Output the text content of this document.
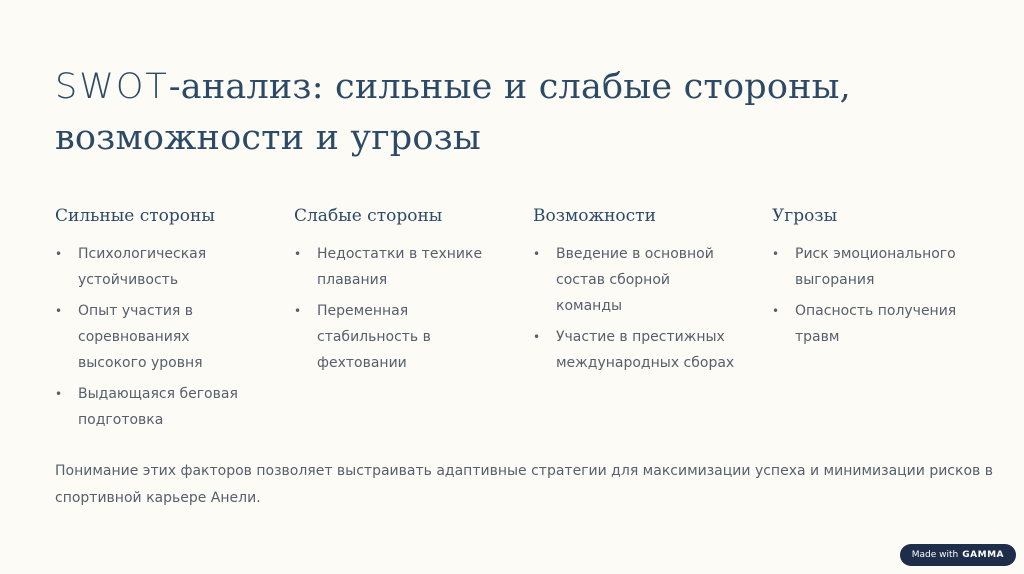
SWOT-анализ: сильные и слабые стороны,
возможности и угрозы
Сильные стороны
• Психологическая устойчивость
• Опыт участия в соревнованиях высокого уровня
• Выдающаяся беговая подготовка
Слабые стороны
• Недостатки в технике плавания
• Переменная стабильность в фехтовании
Возможности
• Введение в основной состав сборной команды
• Участие в престижных международных сборах
Угрозы
• Риск эмоционального выгорания
• Опасность получения травм

Понимание этих факторов позволяет выстраивать адаптивные стратегии для максимизации успеха и минимизации рисков в спортивной карьере Анели.

Made with GAMMA
